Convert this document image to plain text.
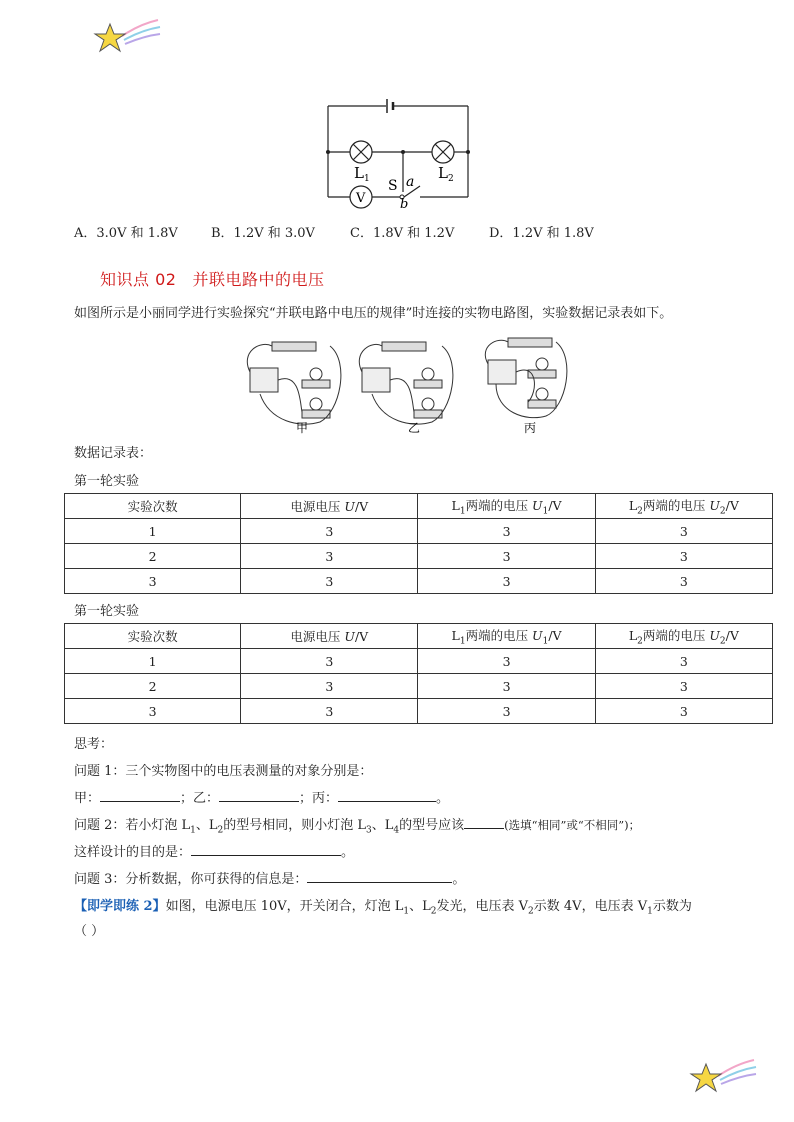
V
$L_1$	$L_2$
S a
b
A．3.0V 和 1.8V	B．1.2V 和 3.0V	C．1.8V 和 1.2V	D．1.2V 和 1.8V
知识点 02 并联电路中的电压
如图所示是小丽同学进行实验探究“并联电路中电压的规律”时连接的实物电路图，实验数据记录表如下。
甲	乙	丙
数据记录表：
第一轮实验
实验次数	电源电压 U/V	$L_1$两端的电压 $U_1/V$	$L_2$两端的电压 $U_2/V$
1	3	3	3
2	3	3	3
3	3	3	3
第一轮实验
实验次数	电源电压 U/V	$L_1$两端的电压 $U_1/V$	$L_2$两端的电压 $U_2/V$
1	3	3	3
2	3	3	3
3	3	3	3
思考：
问题 1：三个实物图中的电压表测量的对象分别是：
甲：	；乙：	；丙：	。
问题 2：若小灯泡 $L_1$、$L_2$的型号相同，则小灯泡 $L_3$、$L_4$的型号应该	(选填“相同”或“不相同”)；
这样设计的目的是：	。
问题 3：分析数据，你可获得的信息是：	。
【即学即练 2】如图，电源电压 10V，开关闭合，灯泡 $L_1$、$L_2$发光，电压表 $V_2$示数 4V，电压表 $V_1$示数为
（ ）
